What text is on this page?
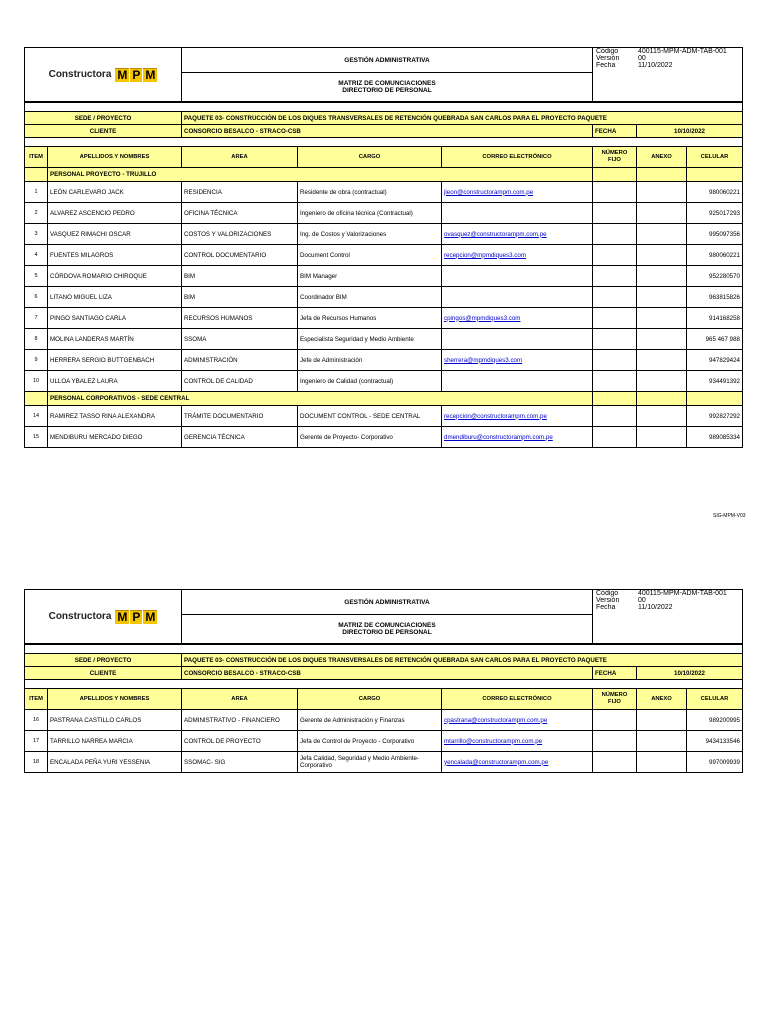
Constructora M P M
	GESTIÓN ADMINISTRATIVA	
Código	400115-MPM-ADM-TAB-001
Versión	00
Fecha	11/10/2022

MATRIZ DE COMUNCIACIONES
DIRECTORIO DE PERSONAL

SEDE / PROYECTO		PAQUETE 03- CONSTRUCCIÓN DE LOS DIQUES TRANSVERSALES DE RETENCIÓN QUEBRADA SAN CARLOS PARA EL PROYECTO PAQUETE					
CLIENTE		CONSORCIO BESALCO - STRACO-CSB			FECHA	10/10/2022	

ITEM	APELLIDOS Y NOMBRES	AREA	CARGO	CORREO ELECTRÓNICO	NÚMERO FIJO	ANEXO	CELULAR
	PERSONAL PROYECTO - TRUJILLO						
1	LEÓN CARLEVARO JACK	RESIDENCIA	Residente de obra (contractual)	jleon@constructorampm.com.pe			980060221
2	ALVAREZ ASCENCIO PEDRO	OFICINA TÉCNICA	Ingeniero de oficina técnica (Contractual)				925017293
3	VASQUEZ RIMACHI OSCAR	COSTOS Y VALORIZACIONES	Ing. de Costos y Valorizaciones	ovasquez@constructorampm.com.pe			995097356
4	FUENTES MILAGROS	CONTROL DOCUMENTARIO	Document Control	recepcion@mpmdiques3.com			980060221
5	CÓRDOVA ROMARIO CHIROQUE	BIM	BIM Manager				952280570
6	LITANO MIGUEL LIZA	BIM	Coordinador BIM				963815826
7	PINGO SANTIAGO CARLA	RECURSOS HUMANOS	Jefa de Recursos Humanos	cpingos@mpmdiques3.com			914168258
8	MOLINA LANDERAS MARTÍN	SSOMA	Especialista Seguridad y Medio Ambiente				965 467 988
9	HERRERA SERGIO BUTTGENBACH	ADMINISTRACIÓN	Jefe de Administración	sherrera@mpmdiques3.com			947829424
10	ULLOA YBALEZ LAURA	CONTROL DE CALIDAD	Ingeniero de Calidad (contractual)				934491392
	PERSONAL CORPORATIVOS - SEDE CENTRAL						
14	RAMIREZ TASSO RINA ALEXANDRA	TRÁMITE DOCUMENTARIO	DOCUMENT CONTROL - SEDE CENTRAL	recepcion@constructorampm.com.pe			992827292
15	MENDIBURU MERCADO DIEGO	GERENCIA TÉCNICA	Gerente de Proyecto- Corporativo	dmendiburu@constructorampm.com.pe			989085334

SIG-MPM-V03
Constructora M P M
	GESTIÓN ADMINISTRATIVA	
Código	400115-MPM-ADM-TAB-001
Versión	00
Fecha	11/10/2022

MATRIZ DE COMUNCIACIONES
DIRECTORIO DE PERSONAL

SEDE / PROYECTO		PAQUETE 03- CONSTRUCCIÓN DE LOS DIQUES TRANSVERSALES DE RETENCIÓN QUEBRADA SAN CARLOS PARA EL PROYECTO PAQUETE					
CLIENTE		CONSORCIO BESALCO - STRACO-CSB			FECHA	10/10/2022	

ITEM	APELLIDOS Y NOMBRES	AREA	CARGO	CORREO ELECTRÓNICO	NÚMERO FIJO	ANEXO	CELULAR
16	PASTRANA CASTILLO CARLOS	ADMINISTRATIVO - FINANCIERO	Gerente de Administración y Finanzas	cpastrana@constructorampm.com.pe			989200995
17	TARRILLO NARREA MARCIA	CONTROL DE PROYECTO	Jefa de Control de Proyecto - Corporativo	mtarrillo@constructorampm.com.pe			9434133546
18	ENCALADA PEÑA YURI YESSENIA	SSOMAC- SIG	Jefa Calidad, Seguridad y Medio Ambiente- Corporativo	yencalada@constructorampm.com.pe			997009939
